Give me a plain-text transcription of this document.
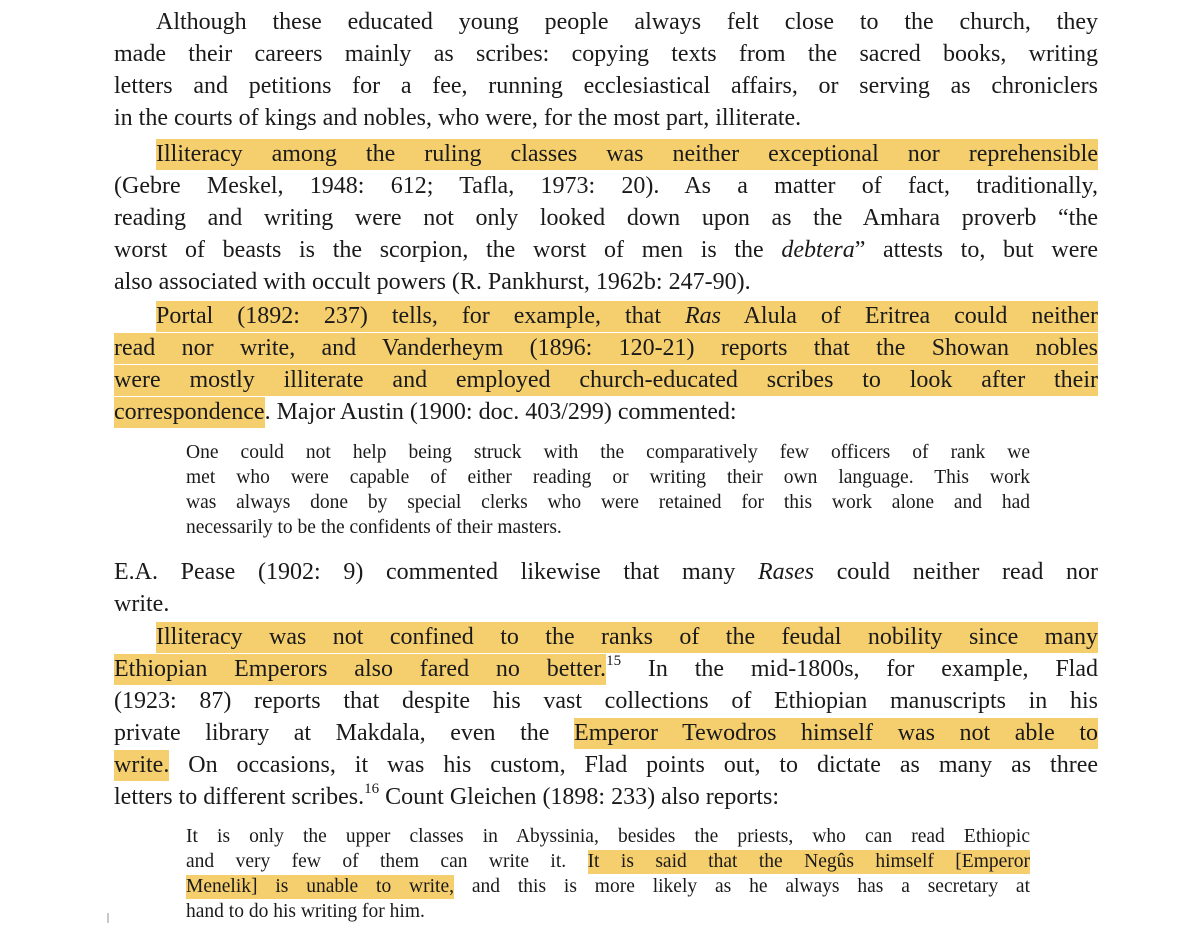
Although these educated young people always felt close to the church, they
made their careers mainly as scribes: copying texts from the sacred books, writing
letters and petitions for a fee, running ecclesiastical affairs, or serving as chroniclers
in the courts of kings and nobles, who were, for the most part, illiterate.
Illiteracy among the ruling classes was neither exceptional nor reprehensible
(Gebre Meskel, 1948: 612; Tafla, 1973: 20). As a matter of fact, traditionally,
reading and writing were not only looked down upon as the Amhara proverb “the
worst of beasts is the scorpion, the worst of men is the debtera” attests to, but were
also associated with occult powers (R. Pankhurst, 1962b: 247-90).
Portal (1892: 237) tells, for example, that Ras Alula of Eritrea could neither
read nor write, and Vanderheym (1896: 120-21) reports that the Showan nobles
were mostly illiterate and employed church-educated scribes to look after their
correspondence. Major Austin (1900: doc. 403/299) commented:
One could not help being struck with the comparatively few officers of rank we
met who were capable of either reading or writing their own language. This work
was always done by special clerks who were retained for this work alone and had
necessarily to be the confidents of their masters.
E.A. Pease (1902: 9) commented likewise that many Rases could neither read nor
write.
Illiteracy was not confined to the ranks of the feudal nobility since many
Ethiopian Emperors also fared no better.$^{15}$ In the mid-1800s, for example, Flad
(1923: 87) reports that despite his vast collections of Ethiopian manuscripts in his
private library at Makdala, even the Emperor Tewodros himself was not able to
write. On occasions, it was his custom, Flad points out, to dictate as many as three
letters to different scribes.$^{16}$ Count Gleichen (1898: 233) also reports:
It is only the upper classes in Abyssinia, besides the priests, who can read Ethiopic
and very few of them can write it. It is said that the Negûs himself [Emperor
Menelik] is unable to write, and this is more likely as he always has a secretary at
hand to do his writing for him.
